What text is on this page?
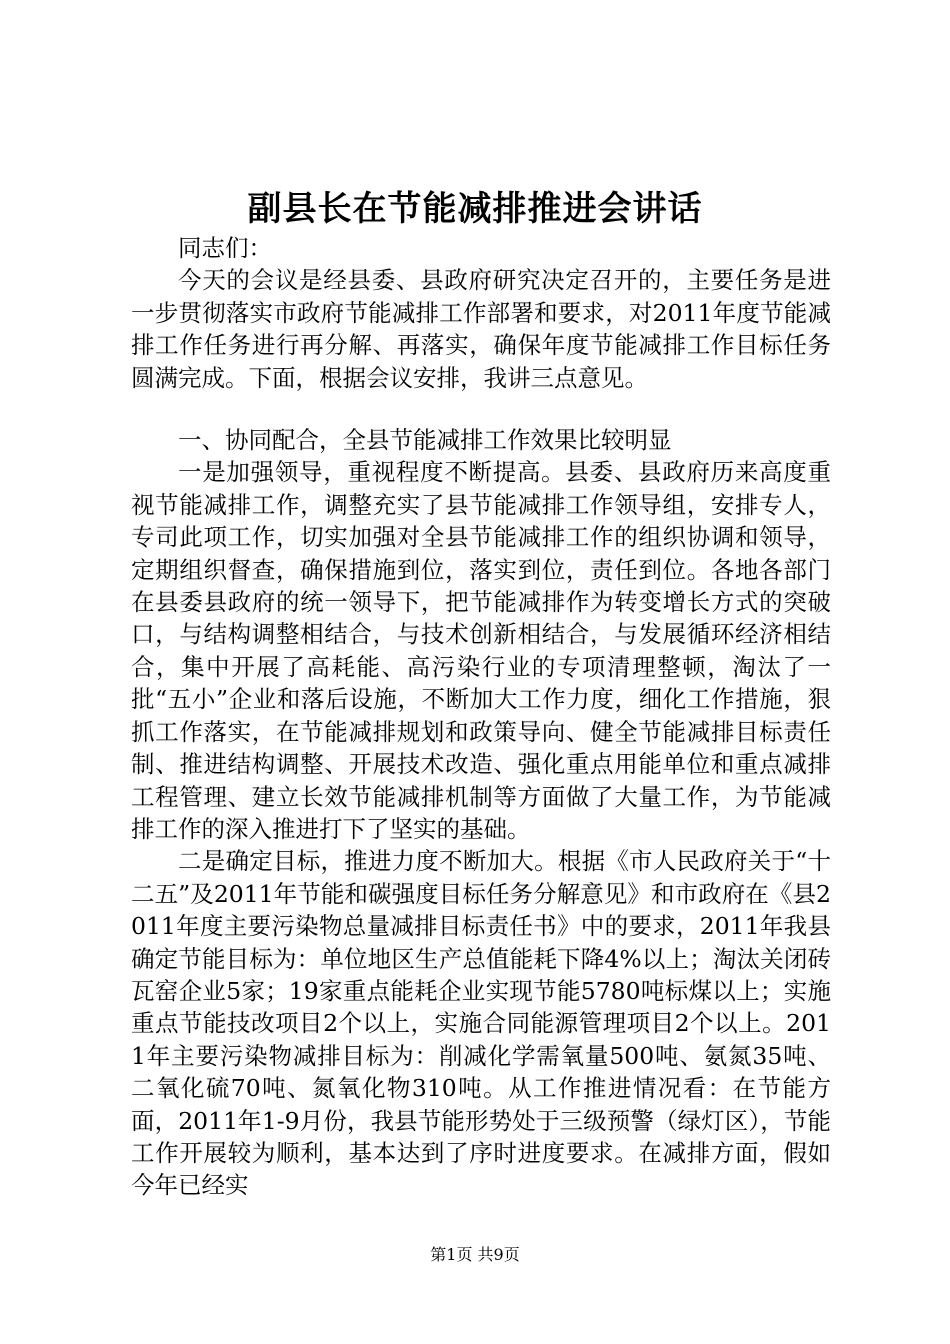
副县长在节能减排推进会讲话

同志们：

今天的会议是经县委、县政府研究决定召开的，主要任务是进一步贯彻落实市政府节能减排工作部署和要求，对2011年度节能减排工作任务进行再分解、再落实，确保年度节能减排工作目标任务圆满完成。下面，根据会议安排，我讲三点意见。

一、协同配合，全县节能减排工作效果比较明显

一是加强领导，重视程度不断提高。县委、县政府历来高度重视节能减排工作，调整充实了县节能减排工作领导组，安排专人，专司此项工作，切实加强对全县节能减排工作的组织协调和领导，定期组织督查，确保措施到位，落实到位，责任到位。各地各部门在县委县政府的统一领导下，把节能减排作为转变增长方式的突破口，与结构调整相结合，与技术创新相结合，与发展循环经济相结合，集中开展了高耗能、高污染行业的专项清理整顿，淘汰了一批“五小”企业和落后设施，不断加大工作力度，细化工作措施，狠抓工作落实，在节能减排规划和政策导向、健全节能减排目标责任制、推进结构调整、开展技术改造、强化重点用能单位和重点减排工程管理、建立长效节能减排机制等方面做了大量工作，为节能减排工作的深入推进打下了坚实的基础。

二是确定目标，推进力度不断加大。根据《市人民政府关于“十二五”及2011年节能和碳强度目标任务分解意见》和市政府在《县2011年度主要污染物总量减排目标责任书》中的要求，2011年我县确定节能目标为：单位地区生产总值能耗下降4%以上；淘汰关闭砖瓦窑企业5家；19家重点能耗企业实现节能5780吨标煤以上；实施重点节能技改项目2个以上，实施合同能源管理项目2个以上。2011年主要污染物减排目标为：削减化学需氧量500吨、氨氮35吨、二氧化硫70吨、氮氧化物310吨。从工作推进情况看：在节能方面，2011年1-9月份，我县节能形势处于三级预警（绿灯区），节能工作开展较为顺利，基本达到了序时进度要求。在减排方面，假如今年已经实

第1页 共9页
